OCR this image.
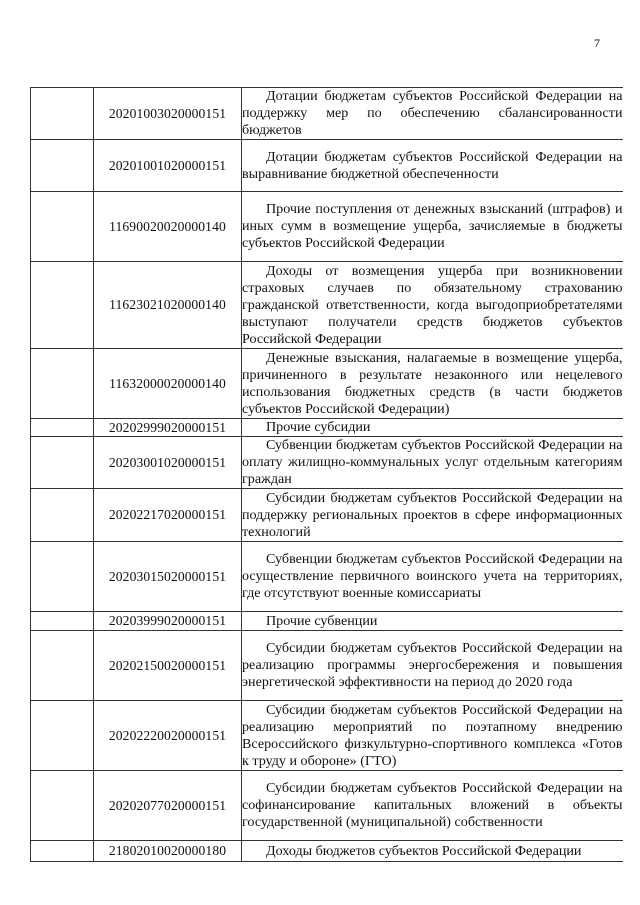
7
	20201003020000151	Дотации бюджетам субъектов Российской Федерации на поддержку мер по обеспечению сбалансированности бюджетов
	20201001020000151	Дотации бюджетам субъектов Российской Федерации на выравнивание бюджетной обеспеченности
	11690020020000140	Прочие поступления от денежных взысканий (штрафов) и иных сумм в возмещение ущерба, зачисляемые в бюджеты субъектов Российской Федерации
	11623021020000140	Доходы от возмещения ущерба при возникновении страховых случаев по обязательному страхованию гражданской ответственности, когда выгодоприобретателями выступают получатели средств бюджетов субъектов Российской Федерации
	11632000020000140	Денежные взыскания, налагаемые в возмещение ущерба, причиненного в результате незаконного или нецелевого использования бюджетных средств (в части бюджетов субъектов Российской Федерации)
	20202999020000151	Прочие субсидии
	20203001020000151	Субвенции бюджетам субъектов Российской Федерации на оплату жилищно-коммунальных услуг отдельным категориям граждан
	20202217020000151	Субсидии бюджетам субъектов Российской Федерации на поддержку региональных проектов в сфере информационных технологий
	20203015020000151	Субвенции бюджетам субъектов Российской Федерации на осуществление первичного воинского учета на территориях, где отсутствуют военные комиссариаты
	20203999020000151	Прочие субвенции
	20202150020000151	Субсидии бюджетам субъектов Российской Федерации на реализацию программы энергосбережения и повышения энергетической эффективности на период до 2020 года
	20202220020000151	Субсидии бюджетам субъектов Российской Федерации на реализацию мероприятий по поэтапному внедрению Всероссийского физкультурно-спортивного комплекса «Готов к труду и обороне» (ГТО)
	20202077020000151	Субсидии бюджетам субъектов Российской Федерации на софинансирование капитальных вложений в объекты государственной (муниципальной) собственности
	21802010020000180	Доходы бюджетов субъектов Российской Федерации
